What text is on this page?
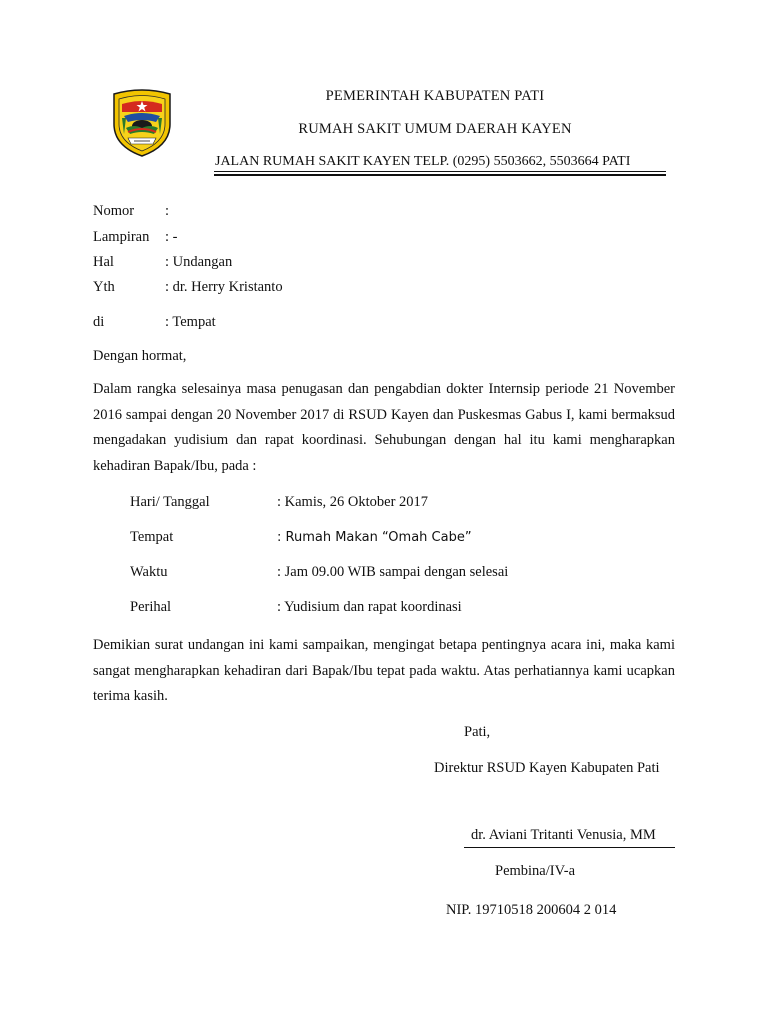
PEMERINTAH KABUPATEN PATI
RUMAH SAKIT UMUM DAERAH KAYEN
JALAN RUMAH SAKIT KAYEN TELP. (0295) 5503662, 5503664 PATI
Nomor :
Lampiran : -
Hal	: Undangan
Yth	: dr. Herry Kristanto
di	: Tempat
Dengan hormat,
Dalam rangka selesainya masa penugasan dan pengabdian dokter Internsip periode 21 November 2016 sampai dengan 20 November 2017 di RSUD Kayen dan Puskesmas Gabus I, kami bermaksud mengadakan yudisium dan rapat koordinasi. Sehubungan dengan hal itu kami mengharapkan kehadiran Bapak/Ibu, pada :
Hari/ Tanggal	: Kamis, 26 Oktober 2017
Tempat	: Rumah Makan “Omah Cabe”
Waktu	: Jam 09.00 WIB sampai dengan selesai
Perihal	: Yudisium dan rapat koordinasi
Demikian surat undangan ini kami sampaikan, mengingat betapa pentingnya acara ini, maka kami sangat mengharapkan kehadiran dari Bapak/Ibu tepat pada waktu. Atas perhatiannya kami ucapkan terima kasih.
Pati,
Direktur RSUD Kayen Kabupaten Pati
dr. Aviani Tritanti Venusia, MM
Pembina/IV-a
NIP. 19710518 200604 2 014
